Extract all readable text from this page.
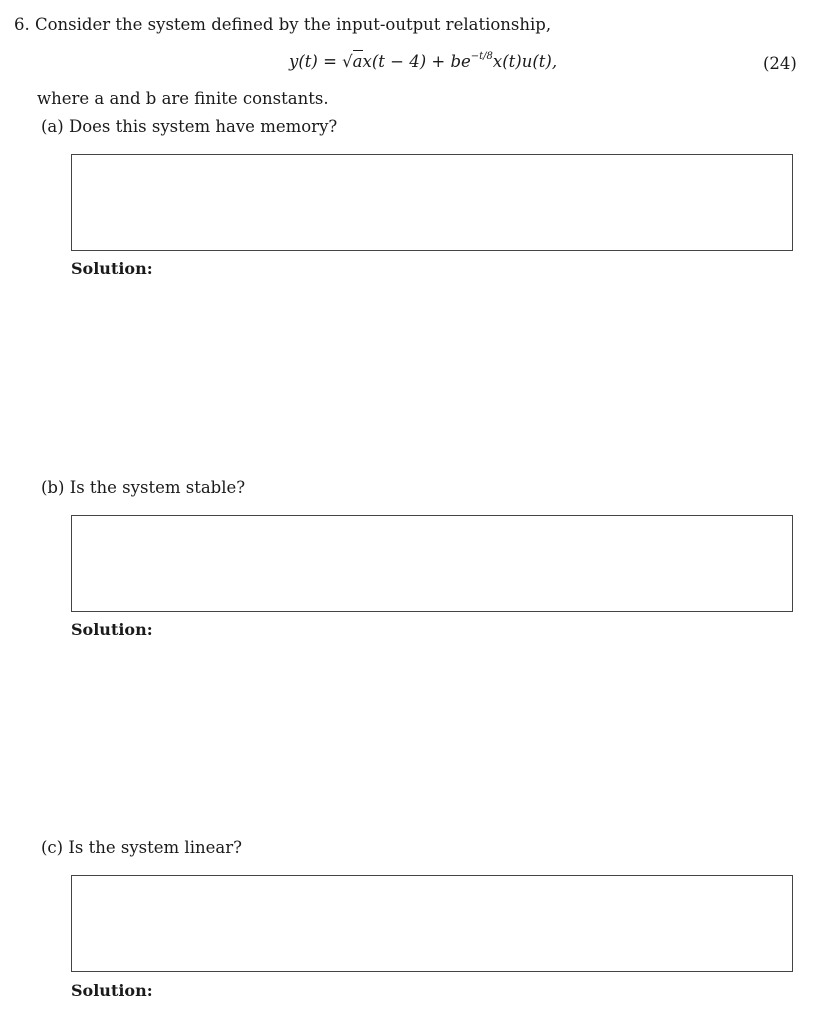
6. Consider the system defined by the input-output relationship,
$y(t) = √ax(t - 4) + be^{-t/8}x(t)u(t)$,	(24)
where a and b are finite constants.
(a) Does this system have memory?
Solution:
(b) Is the system stable?
Solution:
(c) Is the system linear?
Solution:
